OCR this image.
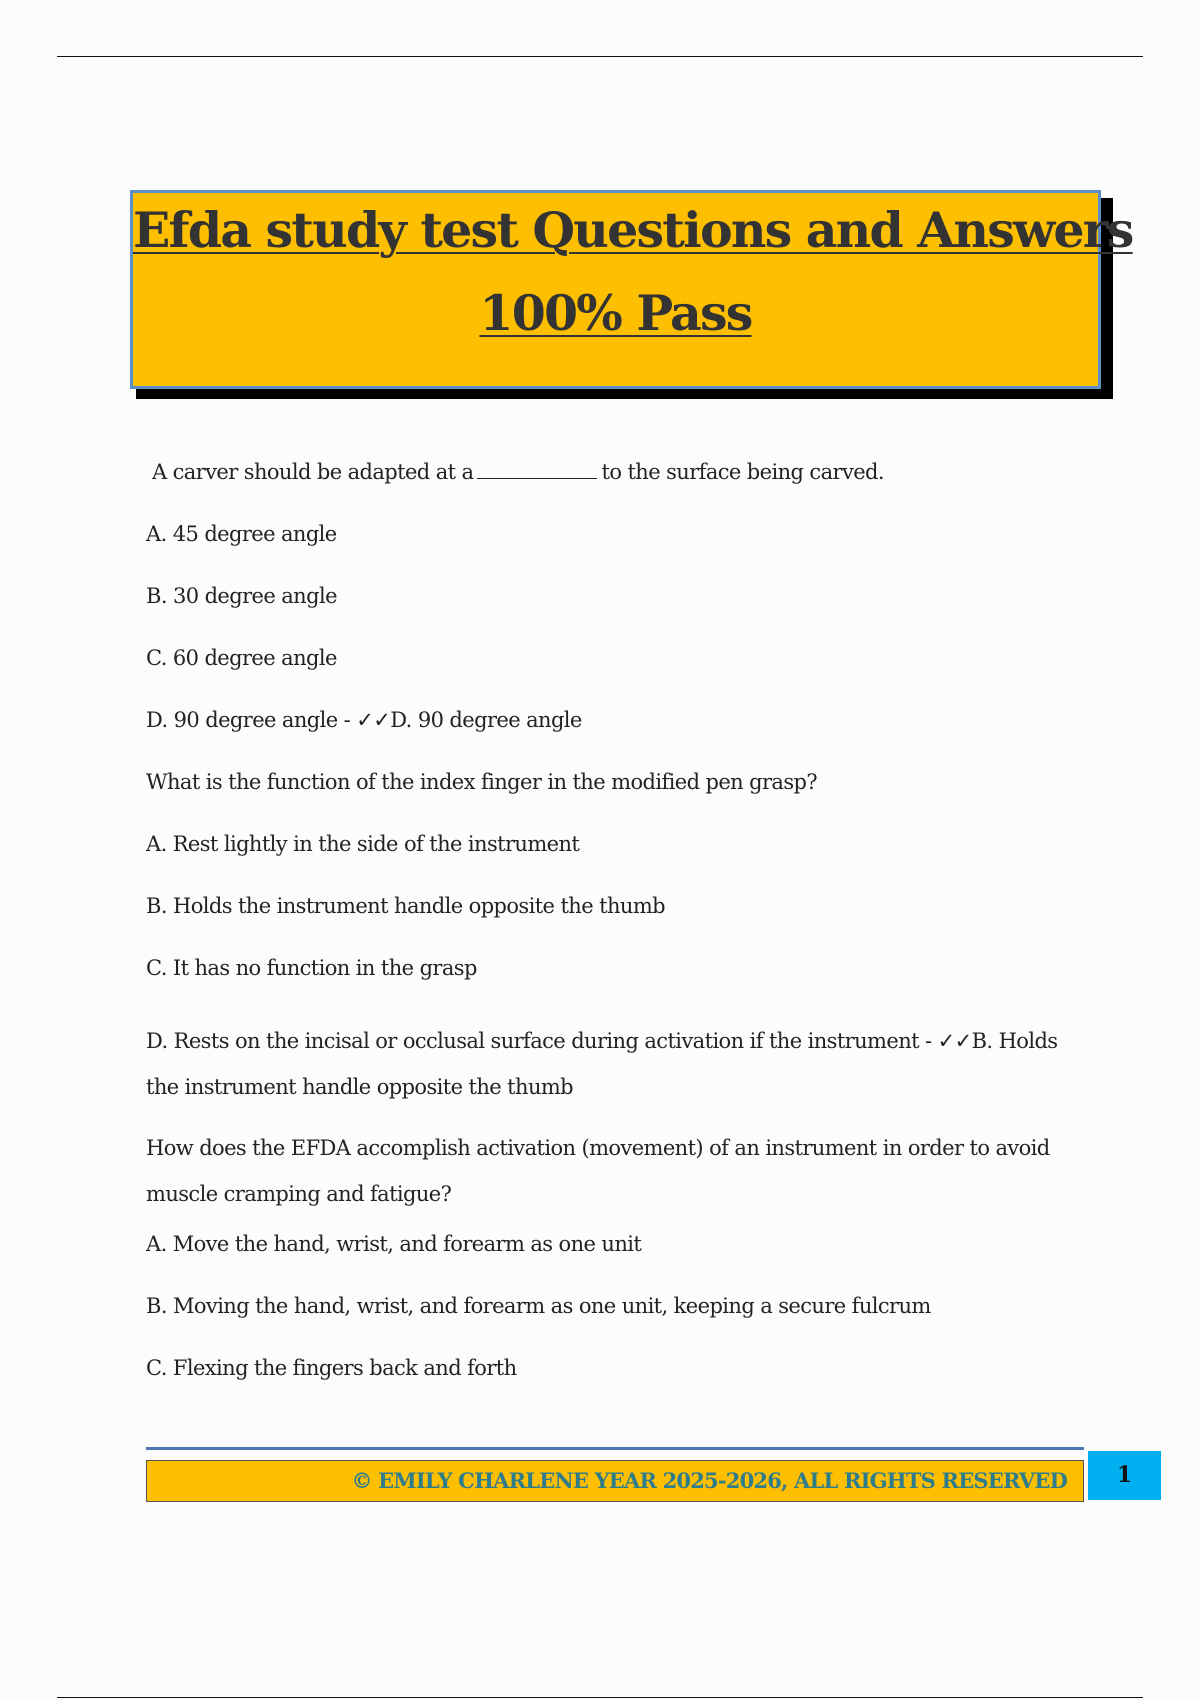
Efda study test Questions and Answers
100% Pass

A carver should be adapted at a	to the surface being carved.

A. 45 degree angle

B. 30 degree angle

C. 60 degree angle

D. 90 degree angle - ✓✓D. 90 degree angle

What is the function of the index finger in the modified pen grasp?

A. Rest lightly in the side of the instrument

B. Holds the instrument handle opposite the thumb

C. It has no function in the grasp

D. Rests on the incisal or occlusal surface during activation if the instrument - ✓✓B. Holds the instrument handle opposite the thumb

How does the EFDA accomplish activation (movement) of an instrument in order to avoid muscle cramping and fatigue?

A. Move the hand, wrist, and forearm as one unit

B. Moving the hand, wrist, and forearm as one unit, keeping a secure fulcrum

C. Flexing the fingers back and forth

© EMILY CHARLENE YEAR 2025-2026, ALL RIGHTS RESERVED	1
